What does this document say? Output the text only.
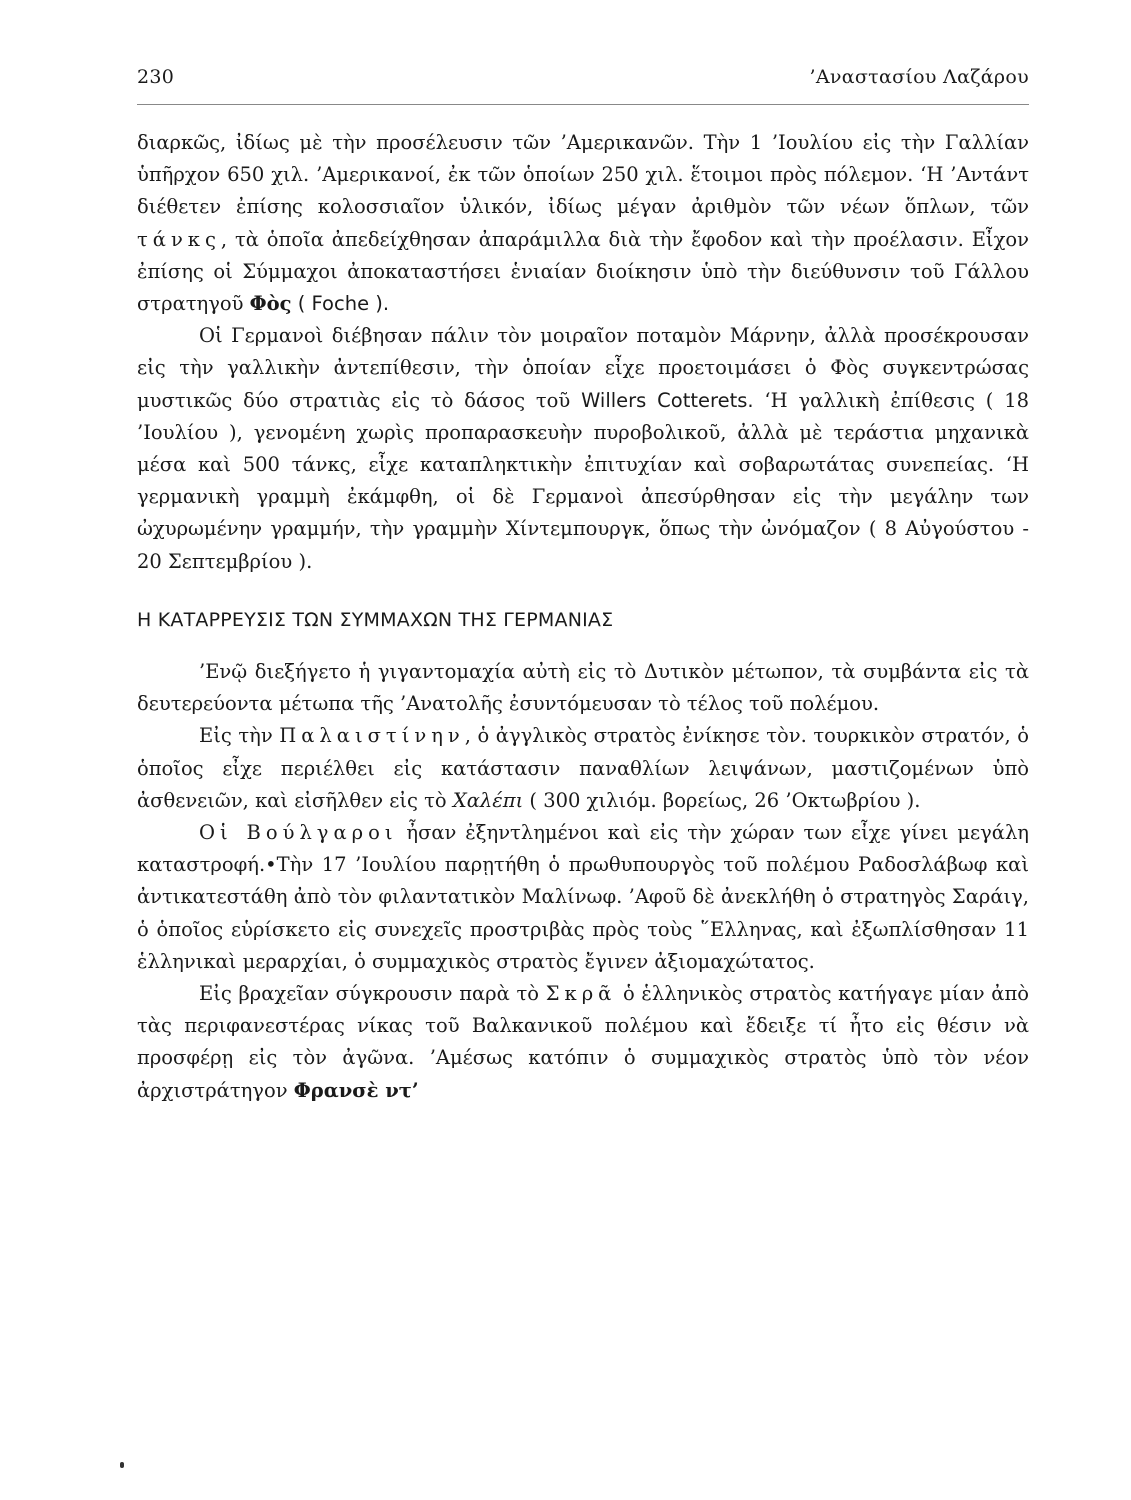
230	’Αναστασίου Λαζάρου

διαρκῶς, ἰδίως μὲ τὴν προσέλευσιν τῶν ’Αμερικανῶν. Τὴν 1 ’Ιουλίου εἰς τὴν Γαλλίαν ὑπῆρχον 650 χιλ. ’Αμερικανοί, ἐκ τῶν ὁποίων 250 χιλ. ἕτοιμοι πρὸς πόλεμον. ‘Η ’Αντάντ διέθετεν ἐπίσης κολοσσιαῖον ὑλικόν, ἰδίως μέγαν ἀριθμὸν τῶν νέων ὅπλων, τῶν τάνκς, τὰ ὁποῖα ἀπεδείχθησαν ἀπαράμιλλα διὰ τὴν ἔφοδον καὶ τὴν προέλασιν. Εἶχον ἐπίσης οἱ Σύμμαχοι ἀποκαταστήσει ἑνιαίαν διοίκησιν ὑπὸ τὴν διεύθυνσιν τοῦ Γάλλου στρατηγοῦ Φὸς ( Foche ).

Οἱ Γερμανοὶ διέβησαν πάλιν τὸν μοιραῖον ποταμὸν Μάρνην, ἀλλὰ προσέκρουσαν εἰς τὴν γαλλικὴν ἀντεπίθεσιν, τὴν ὁποίαν εἶχε προετοιμάσει ὁ Φὸς συγκεντρώσας μυστικῶς δύο στρατιὰς εἰς τὸ δάσος τοῦ Willers Cotterets. ‘Η γαλλικὴ ἐπίθεσις ( 18 ’Ιουλίου ), γενομένη χωρὶς προπαρασκευὴν πυροβολικοῦ, ἀλλὰ μὲ τεράστια μηχανικὰ μέσα καὶ 500 τάνκς, εἶχε καταπληκτικὴν ἐπιτυχίαν καὶ σοβαρωτάτας συνεπείας. ‘Η γερμανικὴ γραμμὴ ἐκάμφθη, οἱ δὲ Γερμανοὶ ἀπεσύρθησαν εἰς τὴν μεγάλην των ὠχυρωμένην γραμμήν, τὴν γραμμὴν Χίντεμπουργκ, ὅπως τὴν ὠνόμαζον ( 8 Αὐγούστου - 20 Σεπτεμβρίου ).

Η ΚΑΤΑΡΡΕΥΣΙΣ ΤΩΝ ΣΥΜΜΑΧΩΝ ΤΗΣ ΓΕΡΜΑΝΙΑΣ

’Ενῷ διεξήγετο ἡ γιγαντομαχία αὐτὴ εἰς τὸ Δυτικὸν μέτωπον, τὰ συμβάντα εἰς τὰ δευτερεύοντα μέτωπα τῆς ’Ανατολῆς ἐσυντόμευσαν τὸ τέλος τοῦ πολέμου.

Εἰς τὴν Παλαιστίνην, ὁ ἀγγλικὸς στρατὸς ἐνίκησε τὸν. τουρκικὸν στρατόν, ὁ ὁποῖος εἶχε περιέλθει εἰς κατάστασιν παναθλίων λειψάνων, μαστιζομένων ὑπὸ ἀσθενειῶν, καὶ εἰσῆλθεν εἰς τὸ Χαλέπι ( 300 χιλιόμ. βορείως, 26 ’Οκτωβρίου ).

Οἱ Βούλγαροι ἦσαν ἐξηντλημένοι καὶ εἰς τὴν χώραν των εἶχε γίνει μεγάλη καταστροφή.•Τὴν 17 ’Ιουλίου παρῃτήθη ὁ πρωθυπουργὸς τοῦ πολέμου Ραδοσλάβωφ καὶ ἀντικατεστάθη ἀπὸ τὸν φιλαντατικὸν Μαλίνωφ. ’Αφοῦ δὲ ἀνεκλήθη ὁ στρατηγὸς Σαράιγ, ὁ ὁποῖος εὑρίσκετο εἰς συνεχεῖς προστριβὰς πρὸς τοὺς ῞Ελληνας, καὶ ἐξωπλίσθησαν 11 ἑλληνικαὶ μεραρχίαι, ὁ συμμαχικὸς στρατὸς ἔγινεν ἀξιομαχώτατος.

Εἰς βραχεῖαν σύγκρουσιν παρὰ τὸ Σκρᾶ ὁ ἑλληνικὸς στρατὸς κατήγαγε μίαν ἀπὸ τὰς περιφανεστέρας νίκας τοῦ Βαλκανικοῦ πολέμου καὶ ἔδειξε τί ἦτο εἰς θέσιν νὰ προσφέρῃ εἰς τὸν ἀγῶνα. ’Αμέσως κατόπιν ὁ συμμαχικὸς στρατὸς ὑπὸ τὸν νέον ἀρχιστράτηγον Φρανσὲ ντ’
